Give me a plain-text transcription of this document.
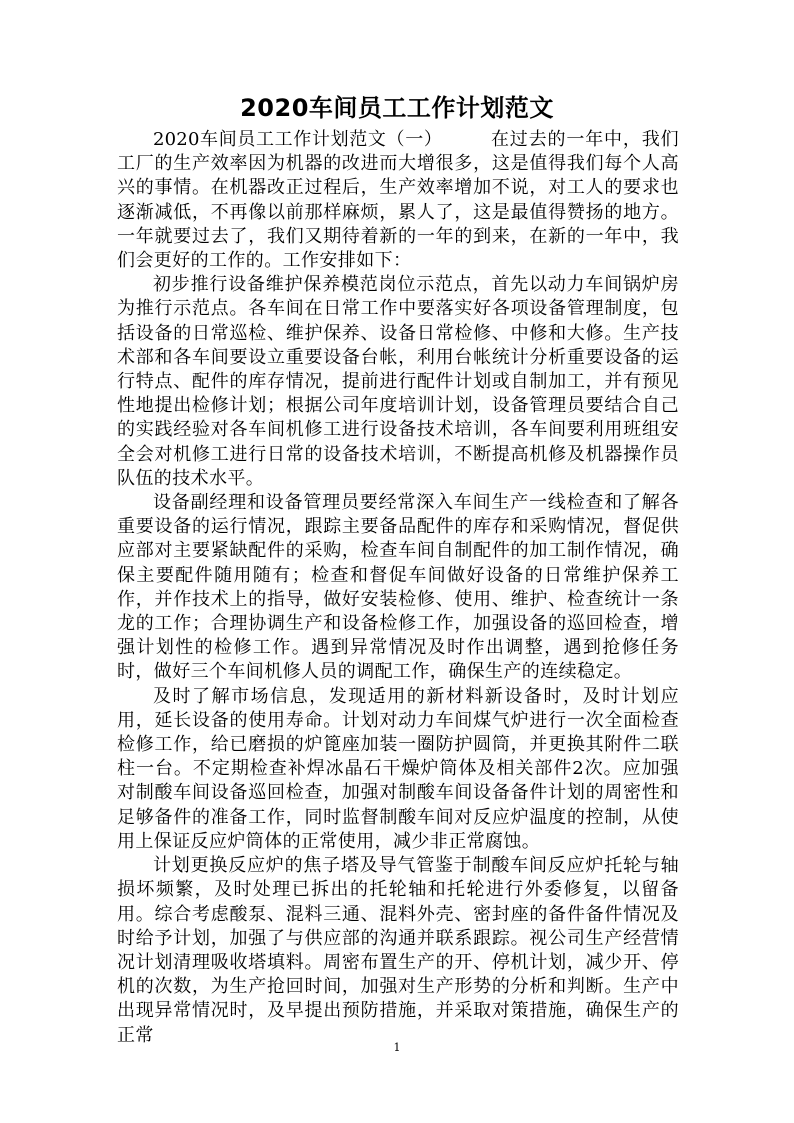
2020车间员工工作计划范文

2020车间员工工作计划范文（一）	在过去的一年中，我们工厂的生产效率因为机器的改进而大增很多，这是值得我们每个人高兴的事情。在机器改正过程后，生产效率增加不说，对工人的要求也逐渐减低，不再像以前那样麻烦，累人了，这是最值得赞扬的地方。一年就要过去了，我们又期待着新的一年的到来，在新的一年中，我们会更好的工作的。工作安排如下：

初步推行设备维护保养模范岗位示范点，首先以动力车间锅炉房为推行示范点。各车间在日常工作中要落实好各项设备管理制度，包括设备的日常巡检、维护保养、设备日常检修、中修和大修。生产技术部和各车间要设立重要设备台帐，利用台帐统计分析重要设备的运行特点、配件的库存情况，提前进行配件计划或自制加工，并有预见性地提出检修计划；根据公司年度培训计划，设备管理员要结合自己的实践经验对各车间机修工进行设备技术培训，各车间要利用班组安全会对机修工进行日常的设备技术培训，不断提高机修及机器操作员队伍的技术水平。

设备副经理和设备管理员要经常深入车间生产一线检查和了解各重要设备的运行情况，跟踪主要备品配件的库存和采购情况，督促供应部对主要紧缺配件的采购，检查车间自制配件的加工制作情况，确保主要配件随用随有；检查和督促车间做好设备的日常维护保养工作，并作技术上的指导，做好安装检修、使用、维护、检查统计一条龙的工作；合理协调生产和设备检修工作，加强设备的巡回检查，增强计划性的检修工作。遇到异常情况及时作出调整，遇到抢修任务时，做好三个车间机修人员的调配工作，确保生产的连续稳定。

及时了解市场信息，发现适用的新材料新设备时，及时计划应用，延长设备的使用寿命。计划对动力车间煤气炉进行一次全面检查检修工作，给已磨损的炉篦座加装一圈防护圆筒，并更换其附件二联柱一台。不定期检查补焊冰晶石干燥炉筒体及相关部件2次。应加强对制酸车间设备巡回检查，加强对制酸车间设备备件计划的周密性和足够备件的准备工作，同时监督制酸车间对反应炉温度的控制，从使用上保证反应炉筒体的正常使用，减少非正常腐蚀。

计划更换反应炉的焦子塔及导气管鉴于制酸车间反应炉托轮与轴损坏频繁，及时处理已拆出的托轮轴和托轮进行外委修复，以留备用。综合考虑酸泵、混料三通、混料外壳、密封座的备件备件情况及时给予计划，加强了与供应部的沟通并联系跟踪。视公司生产经营情况计划清理吸收塔填料。周密布置生产的开、停机计划，减少开、停机的次数，为生产抢回时间，加强对生产形势的分析和判断。生产中出现异常情况时，及早提出预防措施，并采取对策措施，确保生产的正常

1
